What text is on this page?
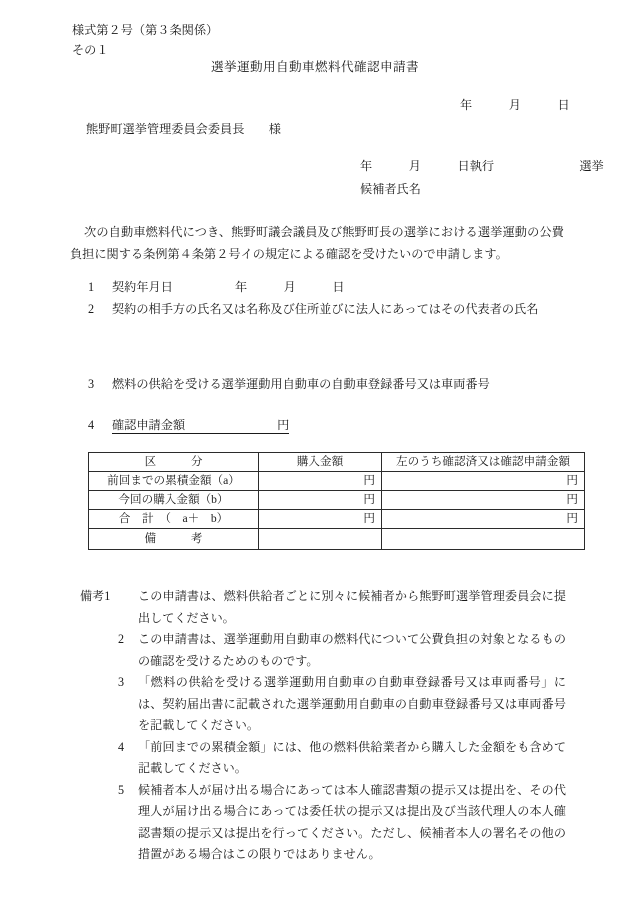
様式第２号（第３条関係）
その１
選挙運動用自動車燃料代確認申請書
年　　　月　　　日
熊野町選挙管理委員会委員長　　様
年　　　月　　　日執行　　　　　　　選挙
候補者氏名
次の自動車燃料代につき、熊野町議会議員及び熊野町長の選挙における選挙運動の公費負担に関する条例第４条第２号イの規定による確認を受けたいので申請します。
1 契約年月日	年　　　月　　　日
2 契約の相手方の氏名又は名称及び住所並びに法人にあってはその代表者の氏名
3 燃料の供給を受ける選挙運動用自動車の自動車登録番号又は車両番号
4 確認申請金額	円
区　　　分	購入金額	左のうち確認済又は確認申請金額
前回までの累積金額（a）	円	円
今回の購入金額（b）	円	円
合　計　（　a＋　b）	円	円
備　　　考		
備考1	この申請書は、燃料供給者ごとに別々に候補者から熊野町選挙管理委員会に提出してください。
2	この申請書は、選挙運動用自動車の燃料代について公費負担の対象となるものの確認を受けるためのものです。
3	「燃料の供給を受ける選挙運動用自動車の自動車登録番号又は車両番号」には、契約届出書に記載された選挙運動用自動車の自動車登録番号又は車両番号を記載してください。
4	「前回までの累積金額」には、他の燃料供給業者から購入した金額をも含めて記載してください。
5	候補者本人が届け出る場合にあっては本人確認書類の提示又は提出を、その代理人が届け出る場合にあっては委任状の提示又は提出及び当該代理人の本人確認書類の提示又は提出を行ってください。ただし、候補者本人の署名その他の措置がある場合はこの限りではありません。
